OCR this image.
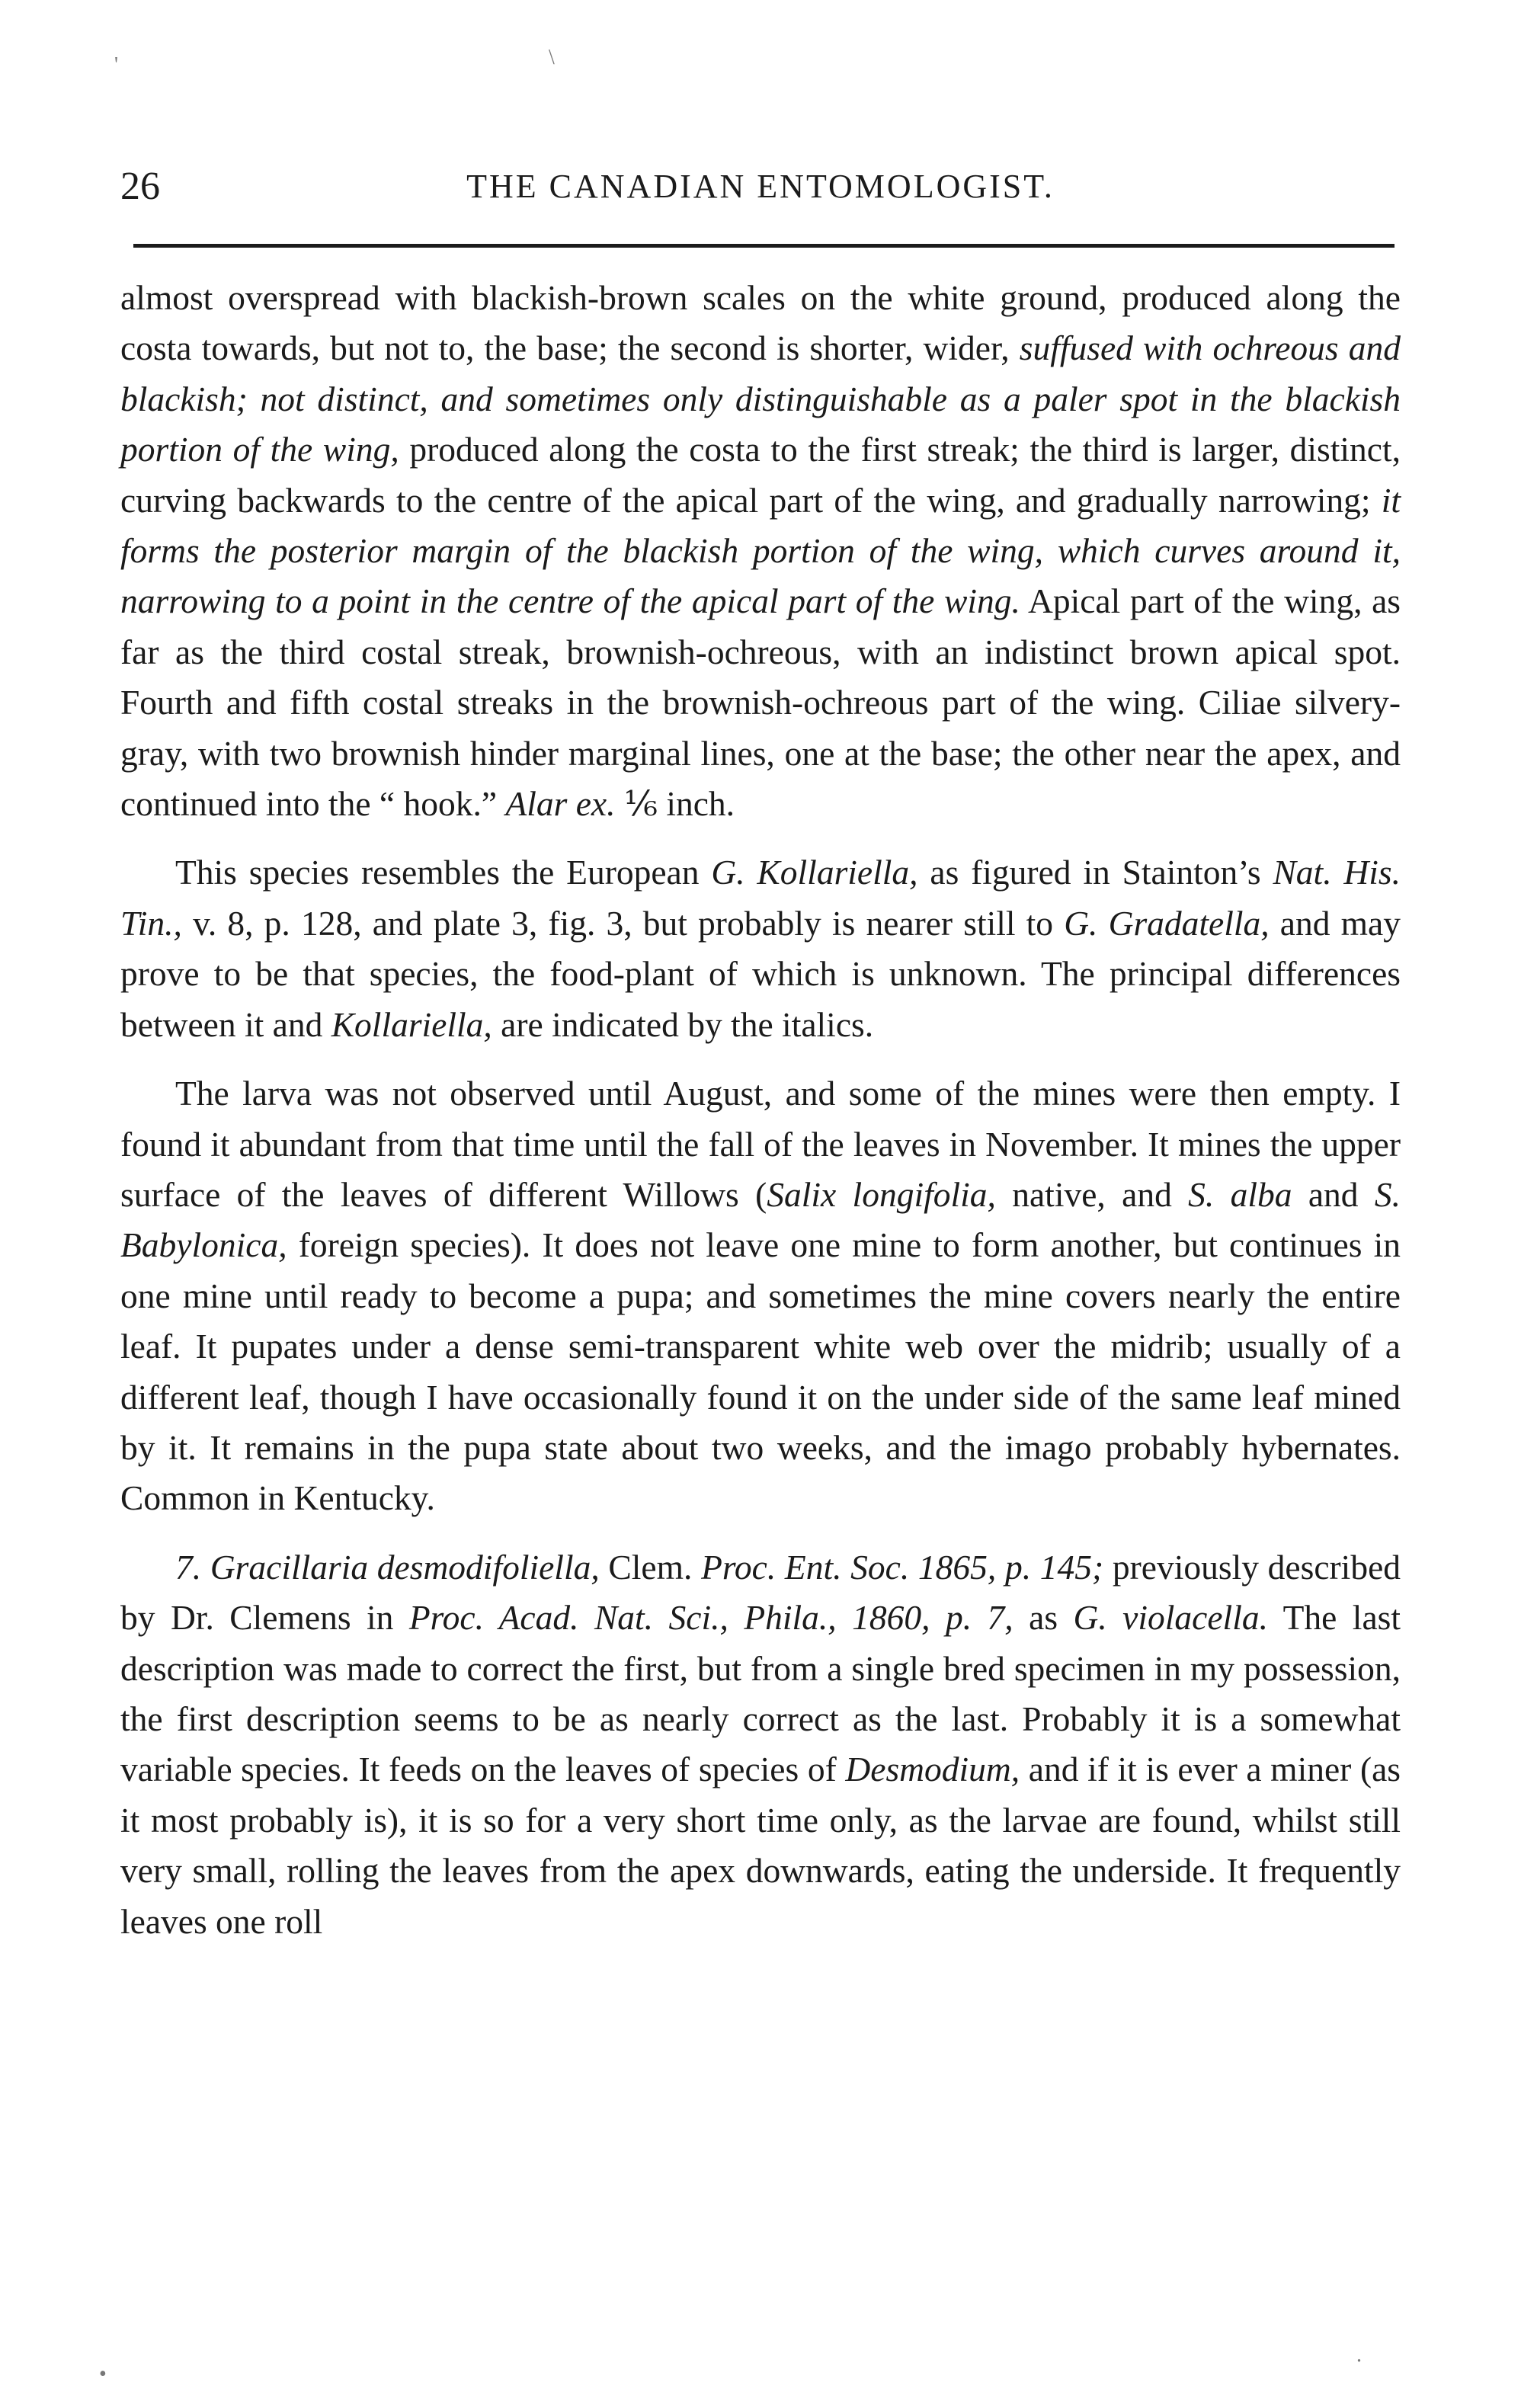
26	THE CANADIAN ENTOMOLOGIST.

almost overspread with blackish-brown scales on the white ground, produced along the costa towards, but not to, the base; the second is shorter, wider, suffused with ochreous and blackish; not distinct, and sometimes only distinguishable as a paler spot in the blackish portion of the wing, produced along the costa to the first streak; the third is larger, distinct, curving backwards to the centre of the apical part of the wing, and gradually narrowing; it forms the posterior margin of the blackish portion of the wing, which curves around it, narrowing to a point in the centre of the apical part of the wing. Apical part of the wing, as far as the third costal streak, brownish-ochreous, with an indistinct brown apical spot. Fourth and fifth costal streaks in the brownish-ochreous part of the wing. Ciliae silvery-gray, with two brownish hinder marginal lines, one at the base; the other near the apex, and continued into the “ hook.” Alar ex. ⅙ inch.

This species resembles the European G. Kollariella, as figured in Stainton’s Nat. His. Tin., v. 8, p. 128, and plate 3, fig. 3, but probably is nearer still to G. Gradatella, and may prove to be that species, the food-plant of which is unknown. The principal differences between it and Kollariella, are indicated by the italics.

The larva was not observed until August, and some of the mines were then empty. I found it abundant from that time until the fall of the leaves in November. It mines the upper surface of the leaves of different Willows (Salix longifolia, native, and S. alba and S. Babylonica, foreign species). It does not leave one mine to form another, but continues in one mine until ready to become a pupa; and sometimes the mine covers nearly the entire leaf. It pupates under a dense semi-transparent white web over the midrib; usually of a different leaf, though I have occasionally found it on the under side of the same leaf mined by it. It remains in the pupa state about two weeks, and the imago probably hybernates. Common in Kentucky.

7. Gracillaria desmodifoliella, Clem. Proc. Ent. Soc. 1865, p. 145; previously described by Dr. Clemens in Proc. Acad. Nat. Sci., Phila., 1860, p. 7, as G. violacella. The last description was made to correct the first, but from a single bred specimen in my possession, the first description seems to be as nearly correct as the last. Probably it is a somewhat variable species. It feeds on the leaves of species of Desmodium, and if it is ever a miner (as it most probably is), it is so for a very short time only, as the larvae are found, whilst still very small, rolling the leaves from the apex downwards, eating the underside. It frequently leaves one roll

'	\
•
.
